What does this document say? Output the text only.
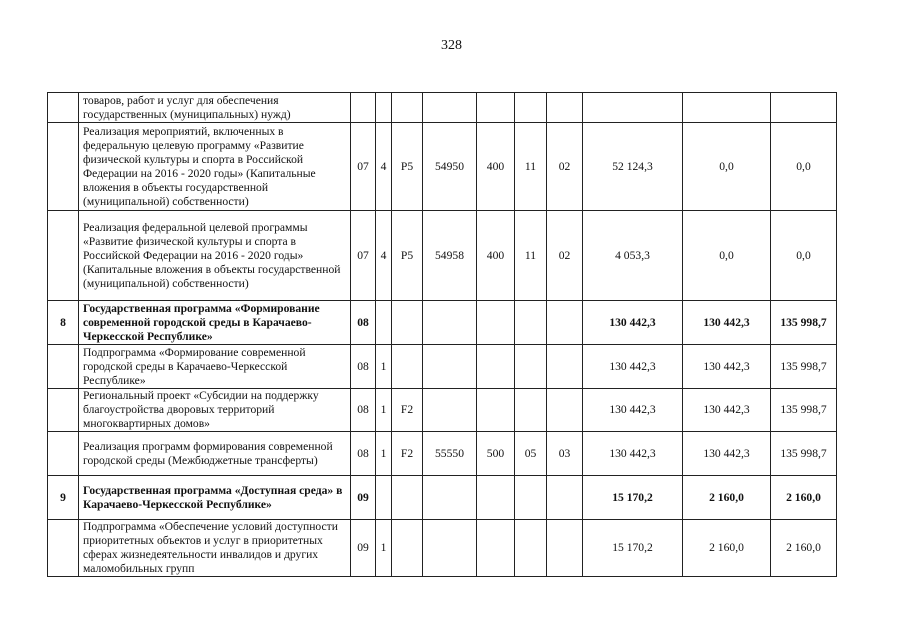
328
	товаров, работ и услуг для обеспечения государственных (муниципальных) нужд)										
	Реализация мероприятий, включенных в федеральную целевую программу «Развитие физической культуры и спорта в Российской Федерации на 2016 - 2020 годы» (Капитальные вложения в объекты государственной (муниципальной) собственности)	07	4	P5	54950	400	11	02	52 124,3	0,0	0,0
	Реализация федеральной целевой программы «Развитие физической культуры и спорта в Российской Федерации на 2016 - 2020 годы» (Капитальные вложения в объекты государственной (муниципальной) собственности)	07	4	P5	54958	400	11	02	4 053,3	0,0	0,0
8	Государственная программа «Формирование современной городской среды в Карачаево-Черкесской Республике»	08							130 442,3	130 442,3	135 998,7
	Подпрограмма «Формирование современной городской среды в Карачаево-Черкесской Республике»	08	1						130 442,3	130 442,3	135 998,7
	Региональный проект «Субсидии на поддержку благоустройства дворовых территорий многоквартирных домов»	08	1	F2					130 442,3	130 442,3	135 998,7
	Реализация программ формирования современной городской среды (Межбюджетные трансферты)	08	1	F2	55550	500	05	03	130 442,3	130 442,3	135 998,7
9	Государственная программа «Доступная среда» в Карачаево-Черкесской Республике»	09							15 170,2	2 160,0	2 160,0
	Подпрограмма «Обеспечение условий доступности приоритетных объектов и услуг в приоритетных сферах жизнедеятельности инвалидов и других маломобильных групп	09	1						15 170,2	2 160,0	2 160,0
